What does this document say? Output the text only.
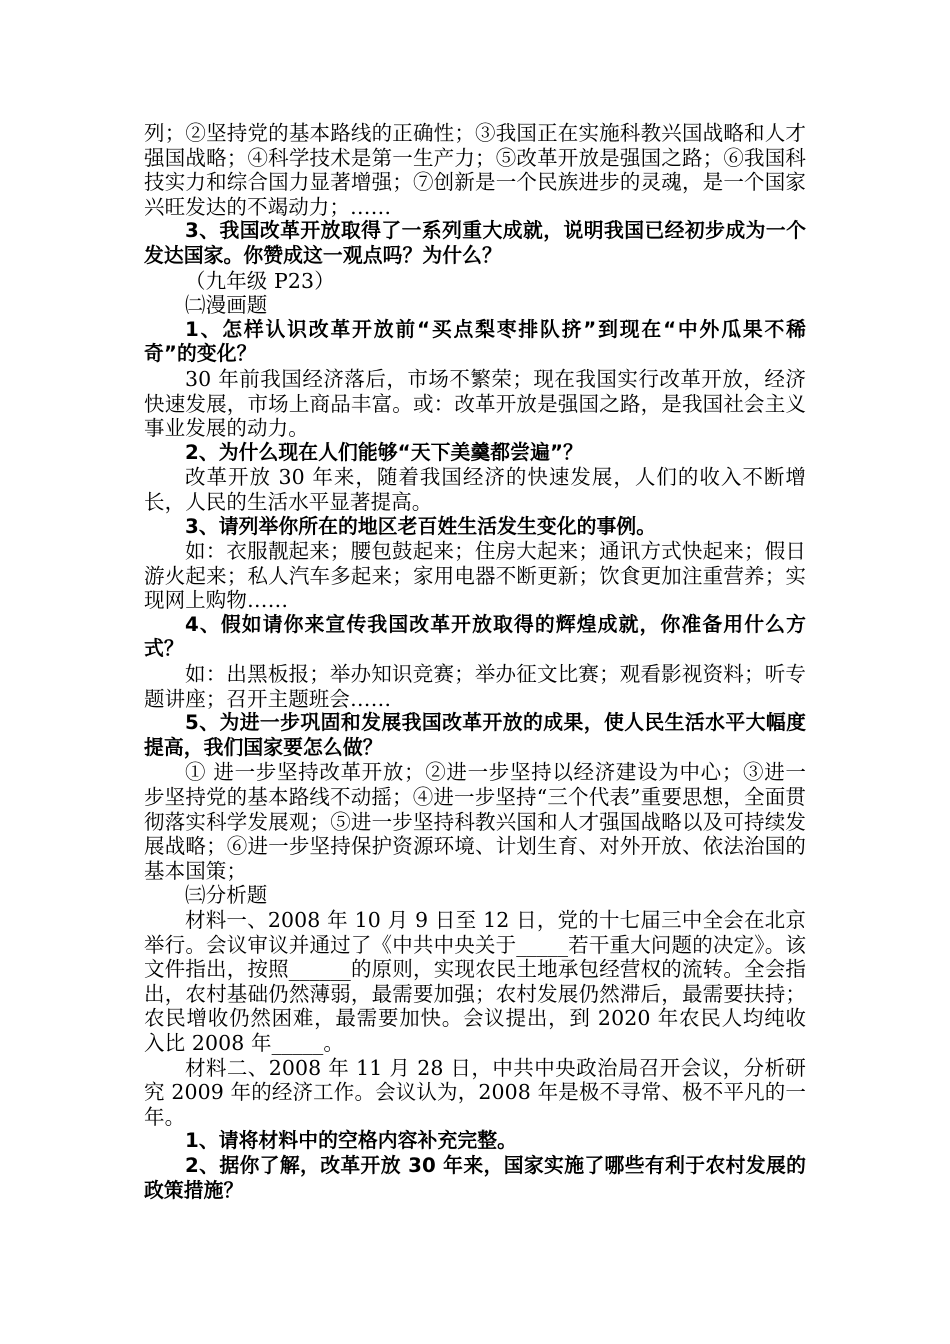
列；②坚持党的基本路线的正确性；③我国正在实施科教兴国战略和人才强国战略；④科学技术是第一生产力；⑤改革开放是强国之路；⑥我国科技实力和综合国力显著增强；⑦创新是一个民族进步的灵魂，是一个国家兴旺发达的不竭动力；……

3、我国改革开放取得了一系列重大成就，说明我国已经初步成为一个发达国家。你赞成这一观点吗？为什么？

（九年级 P23）

㈡漫画题

1、怎样认识改革开放前“买点梨枣排队挤”到现在“中外瓜果不稀奇”的变化？

30 年前我国经济落后，市场不繁荣；现在我国实行改革开放，经济快速发展，市场上商品丰富。或：改革开放是强国之路，是我国社会主义事业发展的动力。

2、为什么现在人们能够“天下美羹都尝遍”？

改革开放 30 年来，随着我国经济的快速发展，人们的收入不断增长，人民的生活水平显著提高。

3、请列举你所在的地区老百姓生活发生变化的事例。

如：衣服靓起来；腰包鼓起来；住房大起来；通讯方式快起来；假日游火起来；私人汽车多起来；家用电器不断更新；饮食更加注重营养；实现网上购物……

4、假如请你来宣传我国改革开放取得的辉煌成就，你准备用什么方式？

如：出黑板报；举办知识竞赛；举办征文比赛；观看影视资料；听专题讲座；召开主题班会……

5、为进一步巩固和发展我国改革开放的成果，使人民生活水平大幅度提高，我们国家要怎么做？

① 进一步坚持改革开放；②进一步坚持以经济建设为中心；③进一步坚持党的基本路线不动摇；④进一步坚持“三个代表”重要思想，全面贯彻落实科学发展观；⑤进一步坚持科教兴国和人才强国战略以及可持续发展战略；⑥进一步坚持保护资源环境、计划生育、对外开放、依法治国的基本国策；

㈢分析题

材料一、2008 年 10 月 9 日至 12 日，党的十七届三中全会在北京举行。会议审议并通过了《中共中央关于_____若干重大问题的决定》。该文件指出，按照______的原则，实现农民土地承包经营权的流转。全会指出，农村基础仍然薄弱，最需要加强；农村发展仍然滞后，最需要扶持；农民增收仍然困难，最需要加快。会议提出，到 2020 年农民人均纯收入比 2008 年_____。

材料二、2008 年 11 月 28 日，中共中央政治局召开会议，分析研究 2009 年的经济工作。会议认为，2008 年是极不寻常、极不平凡的一年。

1、请将材料中的空格内容补充完整。

2、据你了解，改革开放 30 年来，国家实施了哪些有利于农村发展的政策措施？
